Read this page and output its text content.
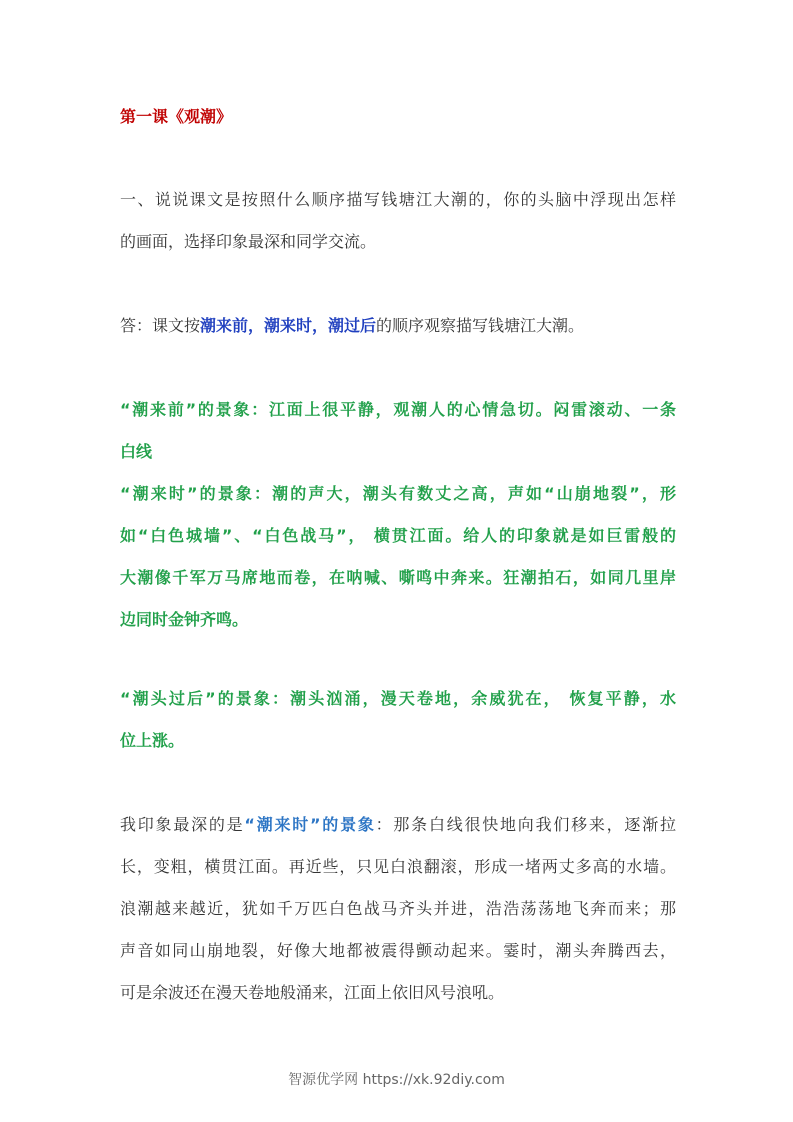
第一课《观潮》
一、说说课文是按照什么顺序描写钱塘江大潮的，你的头脑中浮现出怎样
的画面，选择印象最深和同学交流。
答：课文按潮来前，潮来时，潮过后的顺序观察描写钱塘江大潮。
“潮来前”的景象：江面上很平静，观潮人的心情急切。闷雷滚动、一条
白线
“潮来时”的景象：潮的声大，潮头有数丈之高，声如“山崩地裂”，形
如“白色城墙”、“白色战马”， 横贯江面。给人的印象就是如巨雷般的
大潮像千军万马席地而卷，在呐喊、嘶鸣中奔来。狂潮拍石，如同几里岸
边同时金钟齐鸣。
“潮头过后”的景象：潮头汹涌，漫天卷地，余威犹在， 恢复平静，水
位上涨。
我印象最深的是“潮来时”的景象：那条白线很快地向我们移来，逐渐拉
长，变粗，横贯江面。再近些，只见白浪翻滚，形成一堵两丈多高的水墙。
浪潮越来越近，犹如千万匹白色战马齐头并进，浩浩荡荡地飞奔而来；那
声音如同山崩地裂，好像大地都被震得颤动起来。霎时，潮头奔腾西去，
可是余波还在漫天卷地般涌来，江面上依旧风号浪吼。
智源优学网 https://xk.92diy.com
